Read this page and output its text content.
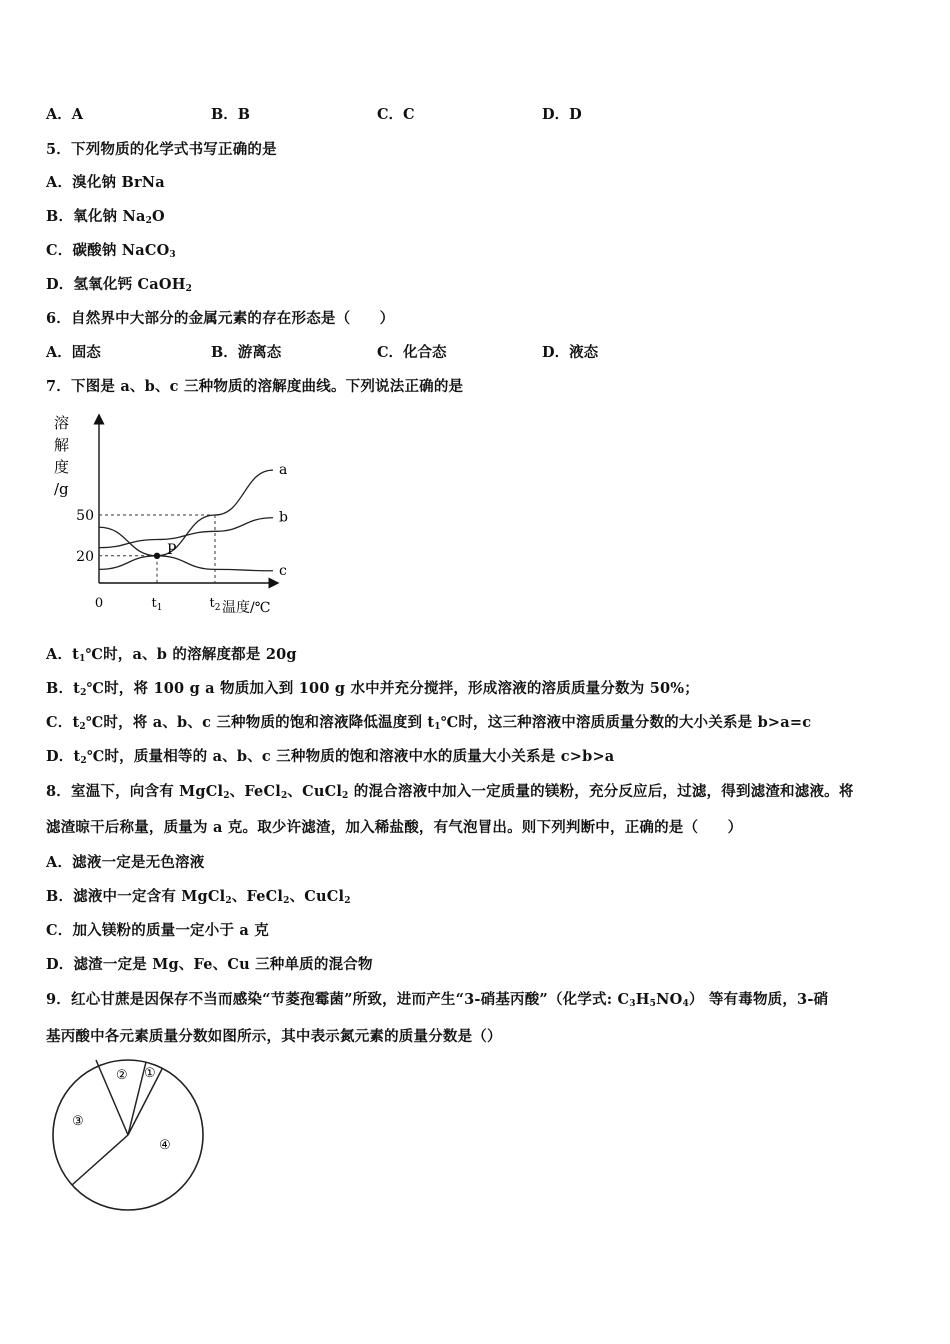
A．A	B．B	C．C	D．D
5．下列物质的化学式书写正确的是
A．溴化钠 BrNa
B．氧化钠 $Na_2O$
C．碳酸钠 NaCO$_3$
D．氢氧化钙 CaOH$_2$
6．自然界中大部分的金属元素的存在形态是（　　）
A．固态	B．游离态	C．化合态	D．液态
7．下图是 a、b、c 三种物质的溶解度曲线。下列说法正确的是
溶
解
度
/g
a
b
c
P
20
50
0	$t_1$	$t_2$ 温度/℃
A．$t_1℃$时，a、b 的溶解度都是 20g
B．$t_2℃$时，将 100 g a 物质加入到 100 g 水中并充分搅拌，形成溶液的溶质质量分数为 50%；
C．$t_2℃$时，将 a、b、c 三种物质的饱和溶液降低温度到 $t_1℃$时，这三种溶液中溶质质量分数的大小关系是 b>a=c
D．$t_2℃$时，质量相等的 a、b、c 三种物质的饱和溶液中水的质量大小关系是 c>b>a
8．室温下，向含有 MgCl$_2$、FeCl$_2$、CuCl$_2$ 的混合溶液中加入一定质量的镁粉，充分反应后，过滤，得到滤渣和滤液。将
滤渣晾干后称量，质量为 a 克。取少许滤渣，加入稀盐酸，有气泡冒出。则下列判断中，正确的是（　　）
A．滤液一定是无色溶液
B．滤液中一定含有 MgCl$_2$、FeCl$_2$、CuCl$_2$
C．加入镁粉的质量一定小于 a 克
D．滤渣一定是 Mg、Fe、Cu 三种单质的混合物
9．红心甘蔗是因保存不当而感染“节菱孢霉菌”所致，进而产生“3-硝基丙酸”（化学式: $C_3H_5NO_4$） 等有毒物质，3-硝
基丙酸中各元素质量分数如图所示，其中表示氮元素的质量分数是（）
①
②
③
④
